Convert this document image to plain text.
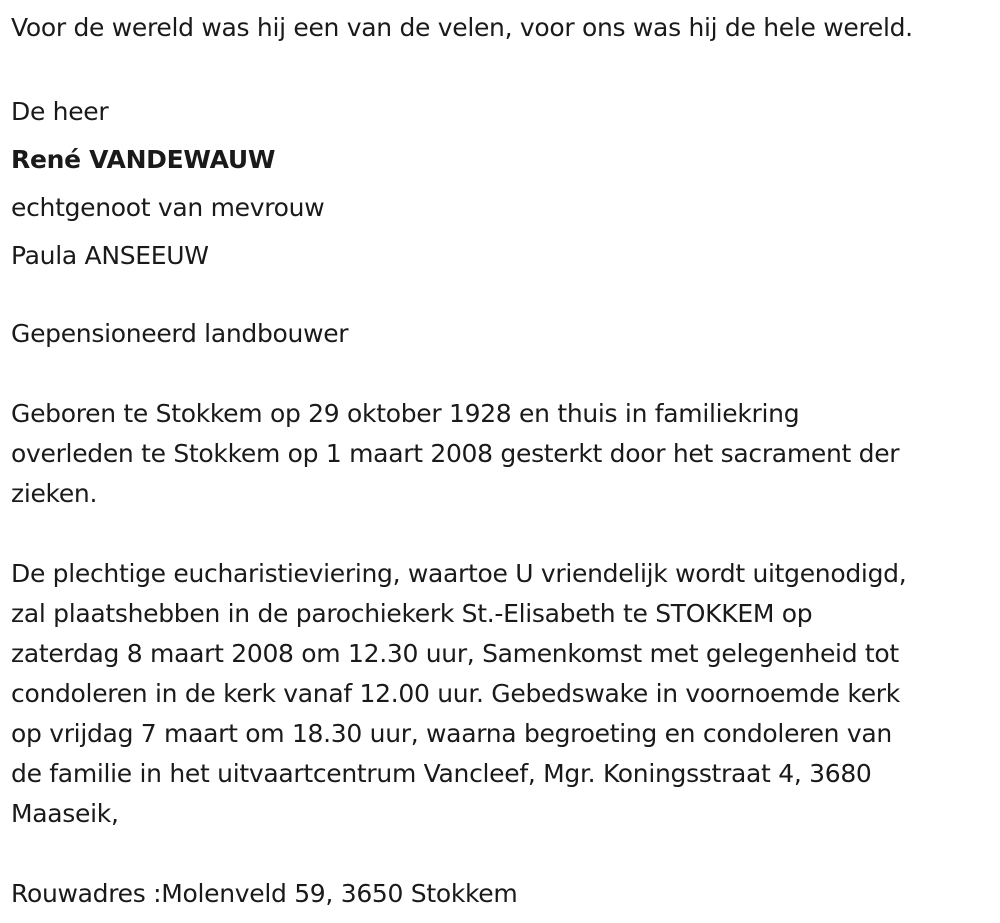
Voor de wereld was hij een van de velen, voor ons was hij de hele wereld.
De heer
René VANDEWAUW
echtgenoot van mevrouw
Paula ANSEEUW
Gepensioneerd landbouwer
Geboren te Stokkem op 29 oktober 1928 en thuis in familiekring
overleden te Stokkem op 1 maart 2008 gesterkt door het sacrament der
zieken.
De plechtige eucharistieviering, waartoe U vriendelijk wordt uitgenodigd,
zal plaatshebben in de parochiekerk St.-Elisabeth te STOKKEM op
zaterdag 8 maart 2008 om 12.30 uur, Samenkomst met gelegenheid tot
condoleren in de kerk vanaf 12.00 uur. Gebedswake in voornoemde kerk
op vrijdag 7 maart om 18.30 uur, waarna begroeting en condoleren van
de familie in het uitvaartcentrum Vancleef, Mgr. Koningsstraat 4, 3680
Maaseik,
Rouwadres :Molenveld 59, 3650 Stokkem
